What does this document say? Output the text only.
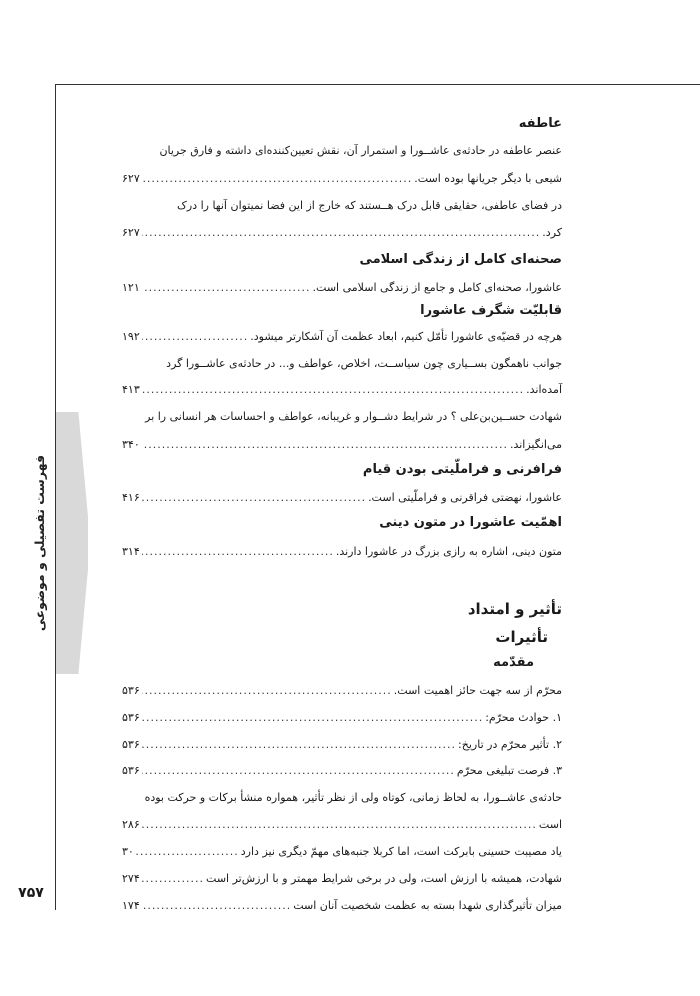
فهرست تفصیلی و موضوعی
۷۵۷
عاطفه
عنصر عاطفه در حادثه‌ی عاشــورا و استمرار آن، نقش تعیین‌کننده‌ای داشته و فارق جریان
شیعی با دیگر جریانها بوده است.
.....
۶۲۷
در فضای عاطفی، حقایقی قابل درک هــستند که خارج از این فضا نمیتوان آنها را درک
کرد.
.....
۶۲۷
صحنه‌ای کامل از زندگی اسلامی
عاشورا، صحنه‌ای کامل و جامع از زندگی اسلامی است.
.....
۱۲۱
قابلیّت شگرف عاشورا
هرچه در قضیّه‌ی عاشورا تأمّل کنیم، ابعاد عظمت آن آشکارتر میشود.
.....
۱۹۲
جوانب ناهمگون بســیاری چون سیاســت، اخلاص، عواطف و... در حادثه‌ی عاشــورا گرد
آمده‌اند.
.....
۴۱۳
شهادت حســین‌بن‌علی ؟ در شرایط دشــوار و غریبانه، عواطف و احساسات هر انسانی را بر
می‌انگیزاند.
.....
۳۴۰
فرافرنی و فراملّیتی بودن قیام
عاشورا، نهضتی فراقرنی و فراملّیتی است.
.....
۴۱۶
اهمّیت عاشورا در متون دینی
متون دینی، اشاره به رازی بزرگ در عاشورا دارند.
.....
۳۱۴
تأثیر و امتداد
تأثیرات
مقدّمه
محرّم از سه جهت حائز اهمیت است.
.....
۵۳۶
۱. حوادث محرّم:
.....
۵۳۶
۲. تأثیر محرّم در تاریخ:
.....
۵۳۶
۳. فرصت تبلیغی محرّم
.....
۵۳۶
حادثه‌ی عاشــورا، به لحاظ زمانی، کوتاه ولی از نظر تأثیر، همواره منشأ برکات و حرکت بوده
است
.....
۲۸۶
یاد مصیبت حسینی بابرکت است، اما کربلا جنبه‌های مهمّ دیگری نیز دارد
.....
۳۰
شهادت، همیشه با ارزش است، ولی در برخی شرایط مهمتر و با ارزش‌تر است
.....
۲۷۴
میزان تأثیرگذاری شهدا بسته به عظمت شخصیت آنان است
.....
۱۷۴
